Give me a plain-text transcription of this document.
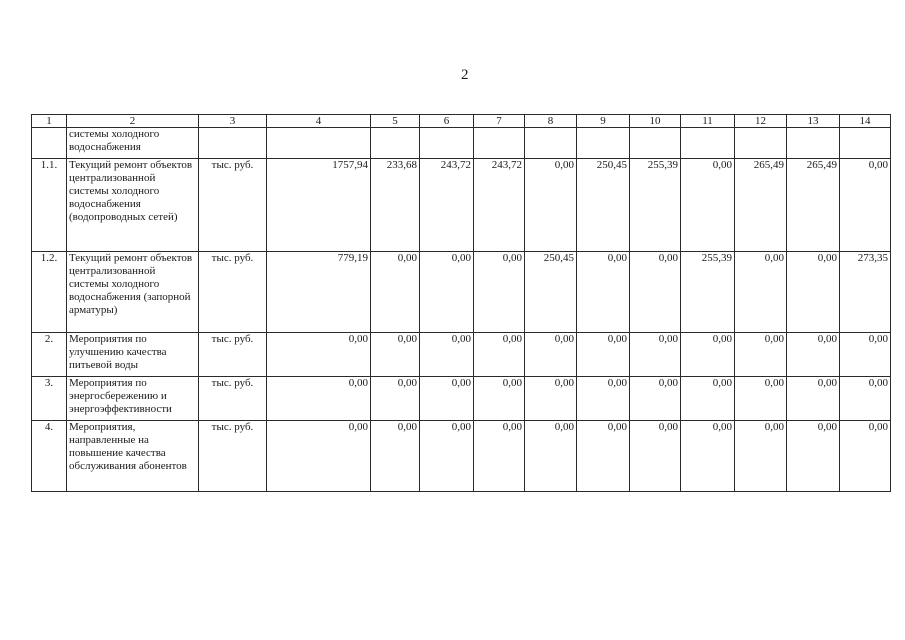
2
1	2	3	4	5	6	7	8	9	10	11	12	13	14
	системы холодного водоснабжения												
1.1.	Текущий ремонт объектов централизованной системы холодного водоснабжения (водопроводных сетей)	тыс. руб.	1757,94	233,68	243,72	243,72	0,00	250,45	255,39	0,00	265,49	265,49	0,00
1.2.	Текущий ремонт объектов централизованной системы холодного водоснабжения (запорной арматуры)	тыс. руб.	779,19	0,00	0,00	0,00	250,45	0,00	0,00	255,39	0,00	0,00	273,35
2.	Мероприятия по улучшению качества питьевой воды	тыс. руб.	0,00	0,00	0,00	0,00	0,00	0,00	0,00	0,00	0,00	0,00	0,00
3.	Мероприятия по энергосбережению и энергоэффективности	тыс. руб.	0,00	0,00	0,00	0,00	0,00	0,00	0,00	0,00	0,00	0,00	0,00
4.	Мероприятия, направленные на повышение качества обслуживания абонентов	тыс. руб.	0,00	0,00	0,00	0,00	0,00	0,00	0,00	0,00	0,00	0,00	0,00
